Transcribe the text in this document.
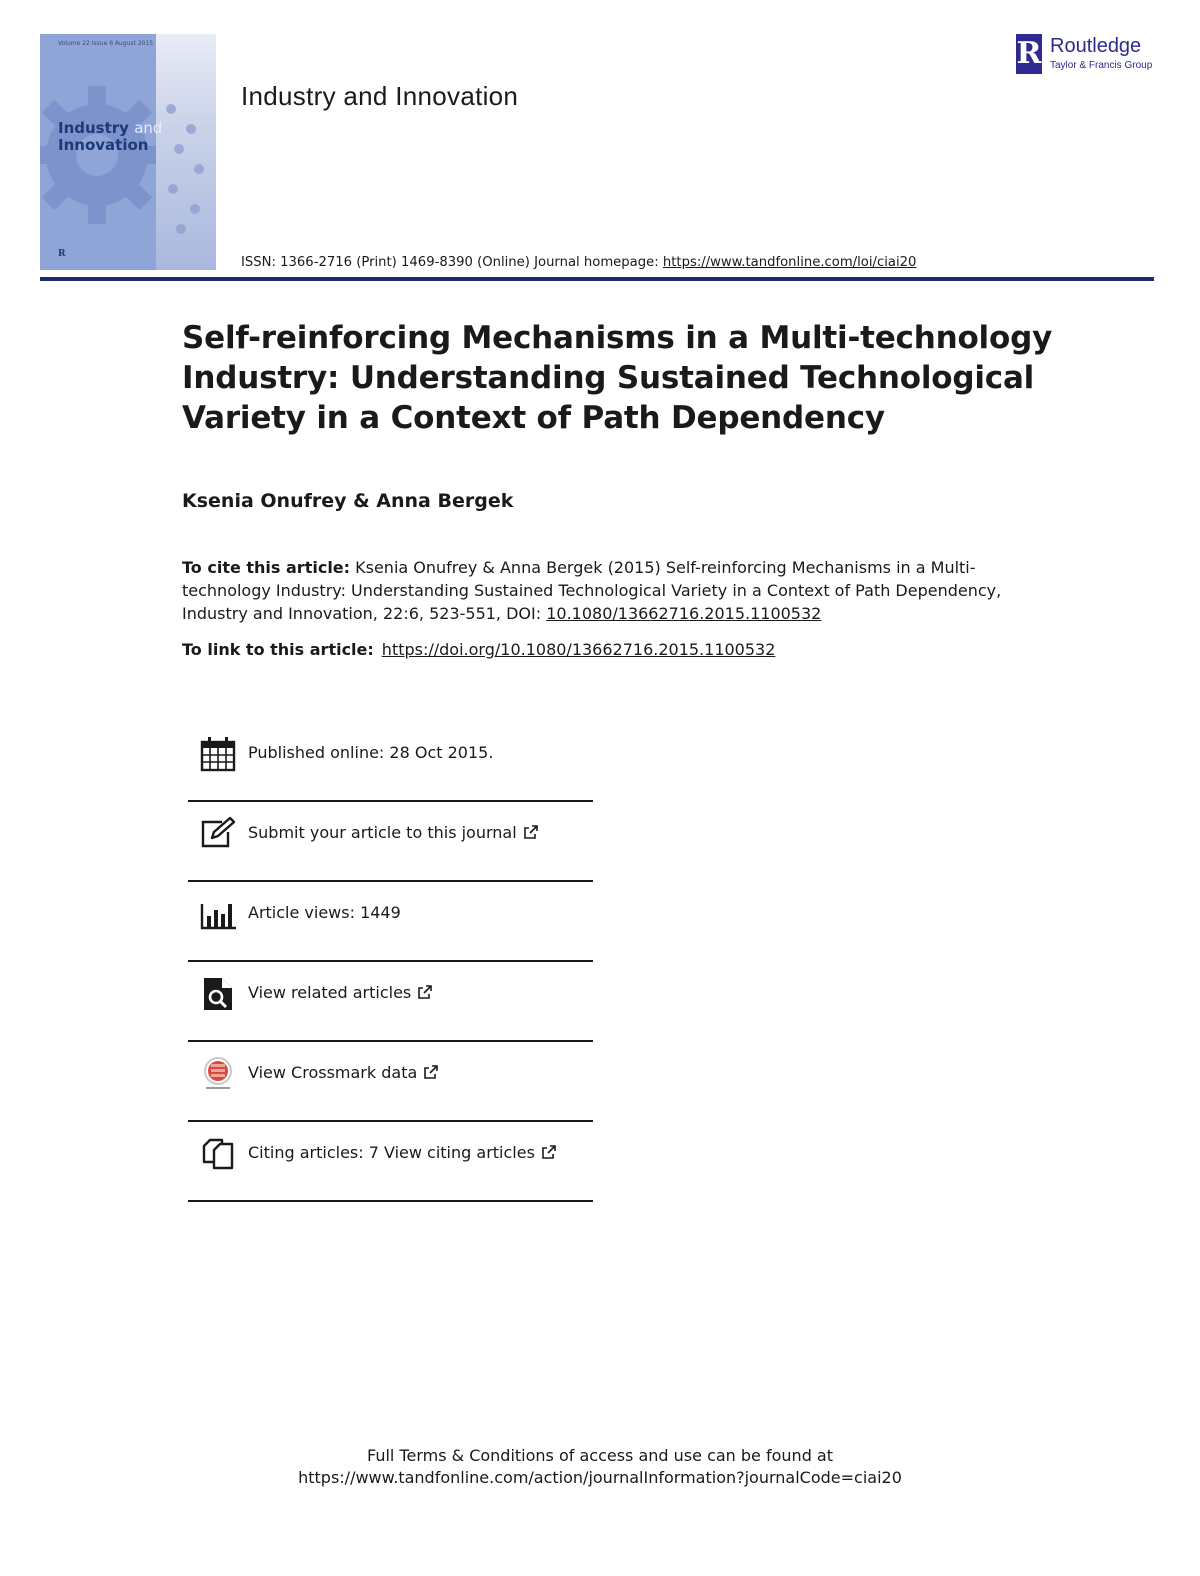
Volume 22 Issue 6 August 2015
Industry and
Innovation
R
Industry and Innovation
R Routledge
Taylor & Francis Group
ISSN: 1366-2716 (Print) 1469-8390 (Online) Journal homepage: https://www.tandfonline.com/loi/ciai20
Self-reinforcing Mechanisms in a Multi-technology Industry: Understanding Sustained Technological Variety in a Context of Path Dependency
Ksenia Onufrey & Anna Bergek
To cite this article: Ksenia Onufrey & Anna Bergek (2015) Self-reinforcing Mechanisms in a Multi-technology Industry: Understanding Sustained Technological Variety in a Context of Path Dependency, Industry and Innovation, 22:6, 523-551, DOI: 10.1080/13662716.2015.1100532
To link to this article: https://doi.org/10.1080/13662716.2015.1100532
Published online: 28 Oct 2015.
Submit your article to this journal
Article views: 1449
View related articles
View Crossmark data
Citing articles: 7 View citing articles
Full Terms & Conditions of access and use can be found at
https://www.tandfonline.com/action/journalInformation?journalCode=ciai20
